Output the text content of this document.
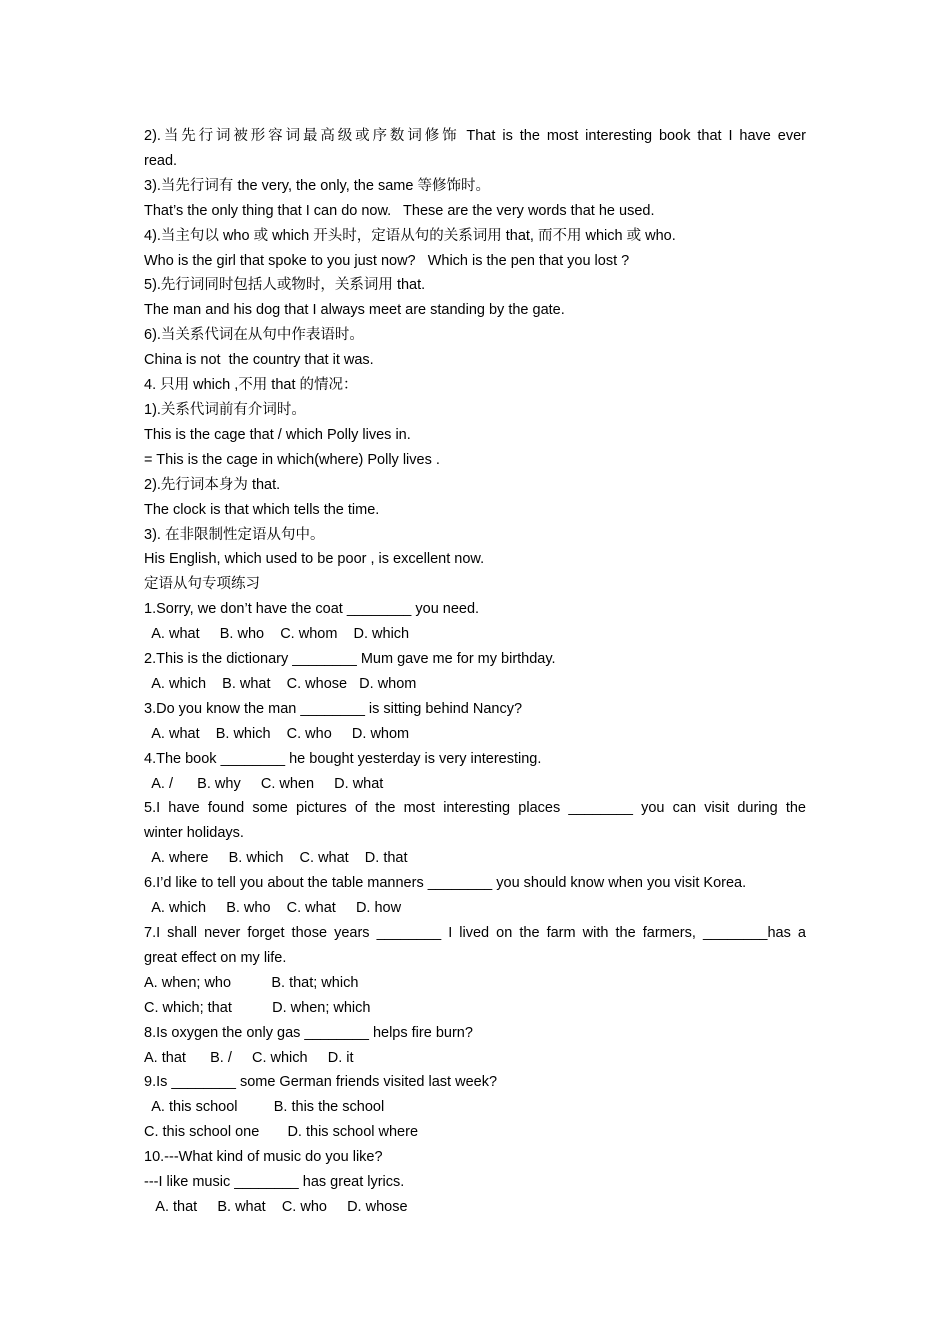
2).当先行词被形容词最高级或序数词修饰 That is the most interesting book that I have ever
read.
3).当先行词有 the very, the only, the same 等修饰时。
That’s the only thing that I can do now.   These are the very words that he used.
4).当主句以 who 或 which 开头时，定语从句的关系词用 that, 而不用 which 或 who.
Who is the girl that spoke to you just now?   Which is the pen that you lost ?
5).先行词同时包括人或物时，关系词用 that.
The man and his dog that I always meet are standing by the gate.
6).当关系代词在从句中作表语时。
China is not  the country that it was.
4. 只用 which ,不用 that 的情况：
1).关系代词前有介词时。
This is the cage that / which Polly lives in.
= This is the cage in which(where) Polly lives .
2).先行词本身为 that.
The clock is that which tells the time.
3). 在非限制性定语从句中。
His English, which used to be poor , is excellent now.
定语从句专项练习
1.Sorry, we don’t have the coat ________ you need.
A. what     B. who    C. whom    D. which
2.This is the dictionary ________ Mum gave me for my birthday.
A. which    B. what    C. whose   D. whom
3.Do you know the man ________ is sitting behind Nancy?
A. what    B. which    C. who     D. whom
4.The book ________ he bought yesterday is very interesting.
A. /      B. why     C. when     D. what
5.I have found some pictures of the most interesting places ________ you can visit during the
winter holidays.
A. where     B. which    C. what    D. that
6.I’d like to tell you about the table manners ________ you should know when you visit Korea.
A. which     B. who    C. what     D. how
7.I shall never forget those years ________ I lived on the farm with the farmers, ________has a
great effect on my life.
A. when; who          B. that; which
C. which; that          D. when; which
8.Is oxygen the only gas ________ helps fire burn?
A. that      B. /     C. which     D. it
9.Is ________ some German friends visited last week?
A. this school         B. this the school
C. this school one       D. this school where
10.---What kind of music do you like?
---I like music ________ has great lyrics.
A. that     B. what    C. who     D. whose
